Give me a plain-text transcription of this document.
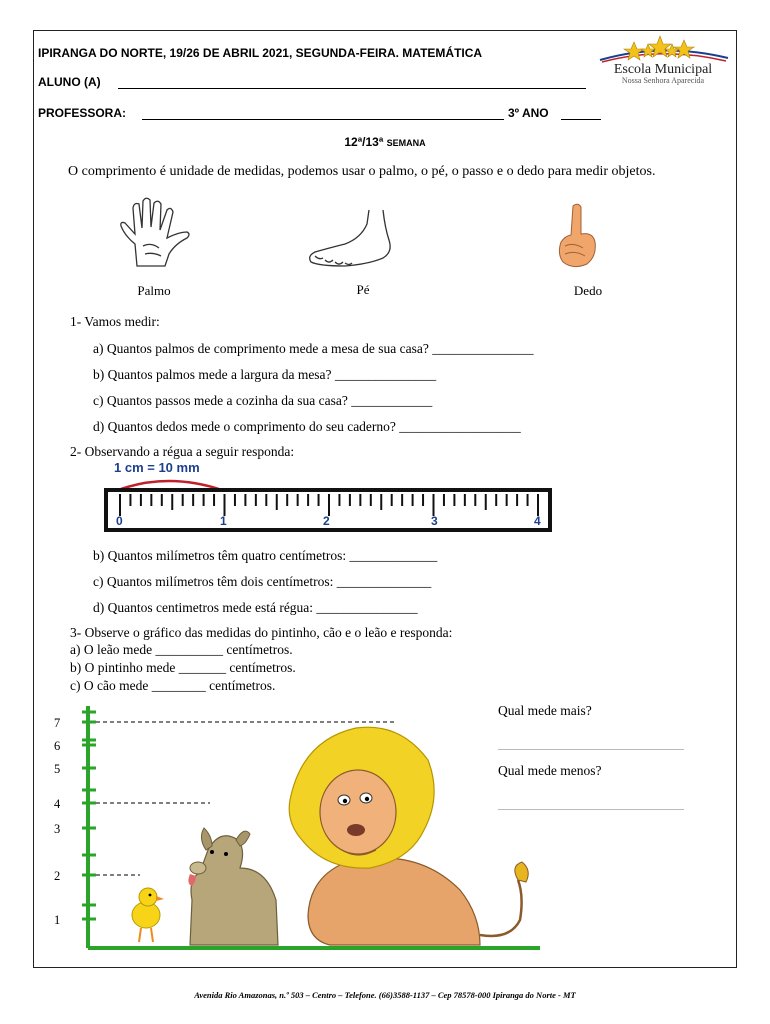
IPIRANGA DO NORTE, 19/26 DE ABRIL 2021, SEGUNDA-FEIRA. MATEMÁTICA
ALUNO (A)
PROFESSORA:	3º ANO
Escola Municipal
Nossa Senhora Aparecida
12ª/13ª SEMANA
O comprimento é unidade de medidas, podemos usar o palmo, o pé, o passo e o dedo para medir objetos.
Palmo	Pé	Dedo
1- Vamos medir:
a) Quantos palmos de comprimento mede a mesa de sua casa? _______________
b) Quantos palmos mede a largura da mesa? _______________
c) Quantos passos mede a cozinha da sua casa? ____________
d) Quantos dedos mede o comprimento do seu caderno? __________________
2- Observando a régua a seguir responda:
1 cm = 10 mm
0	1	2	3	4
b) Quantos milímetros têm quatro centímetros: _____________
c) Quantos milímetros têm dois centímetros: ______________
d) Quantos centimetros mede está régua: _______________
3- Observe o gráfico das medidas do pintinho, cão e o leão e responda:
a) O leão mede __________ centímetros.
b) O pintinho mede _______ centímetros.
c) O cão mede ________ centímetros.
Qual mede mais?
Qual mede menos?
1
2
3
4
5
6
7
Avenida Rio Amazonas, n.º 503 – Centro – Telefone. (66)3588-1137 – Cep 78578-000 Ipiranga do Norte - MT
